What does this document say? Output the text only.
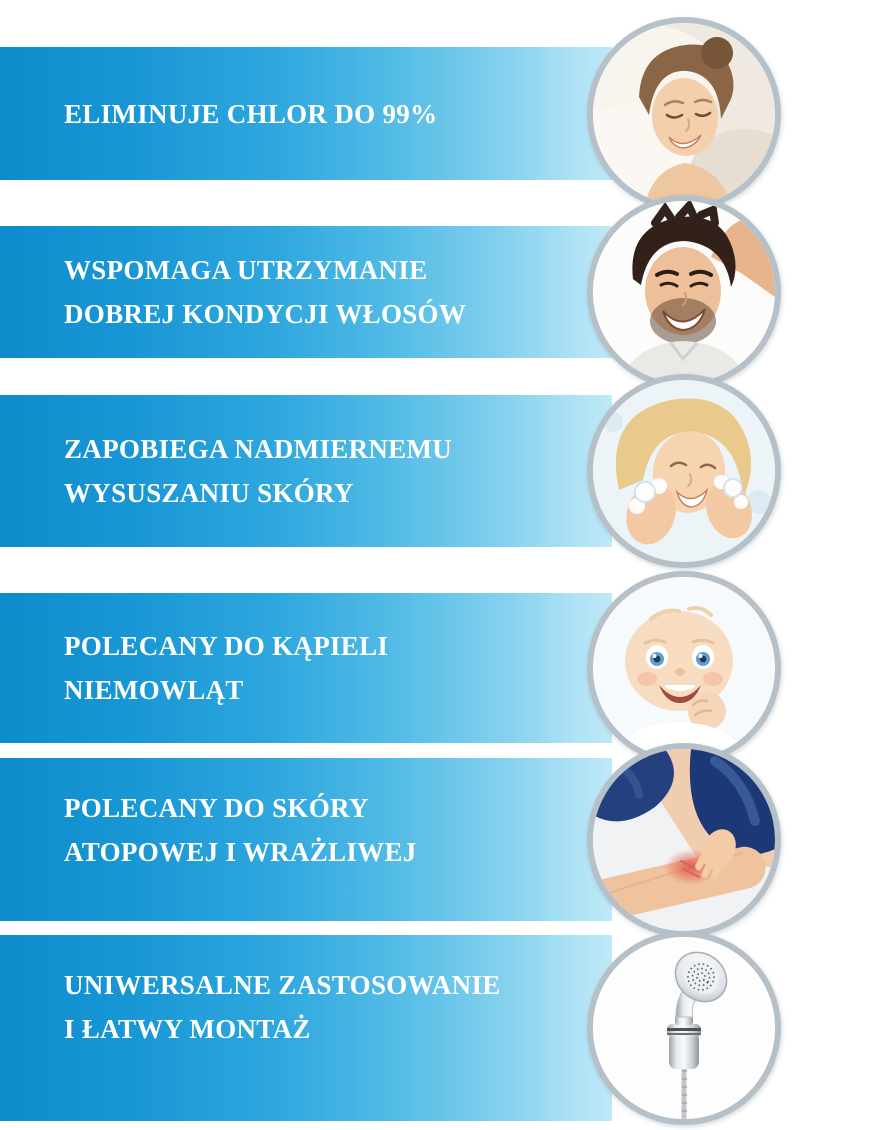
ELIMINUJE CHLOR DO 99%
WSPOMAGA UTRZYMANIE
DOBREJ KONDYCJI WŁOSÓW
ZAPOBIEGA NADMIERNEMU
WYSUSZANIU SKÓRY
POLECANY DO KĄPIELI
NIEMOWLĄT
POLECANY DO SKÓRY
ATOPOWEJ I WRAŻLIWEJ
UNIWERSALNE ZASTOSOWANIE
I ŁATWY MONTAŻ
